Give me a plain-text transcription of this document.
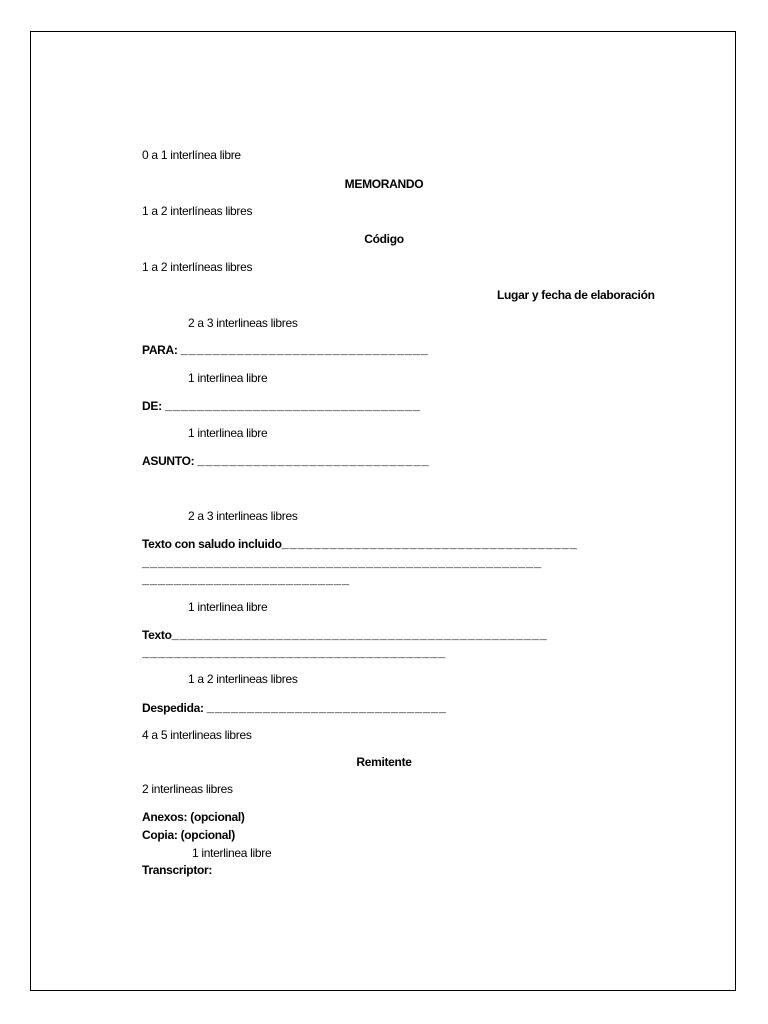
0 a 1 interlínea libre
MEMORANDO
1 a 2 interlíneas libres
Código
1 a 2 interlíneas libres
Lugar y fecha de elaboración
2 a 3 interlineas libres
PARA: _______________________________
1 interlinea libre
DE: ________________________________
1 interlinea libre
ASUNTO: _____________________________
2 a 3 interlineas libres
Texto con saludo incluido_____________________________________
__________________________________________________
__________________________
1 interlinea libre
Texto_______________________________________________
______________________________________
1 a 2 interlineas libres
Despedida: ______________________________
4 a 5 interlineas libres
Remitente
2 interlineas libres
Anexos: (opcional)
Copia: (opcional)
1 interlinea libre
Transcriptor:
